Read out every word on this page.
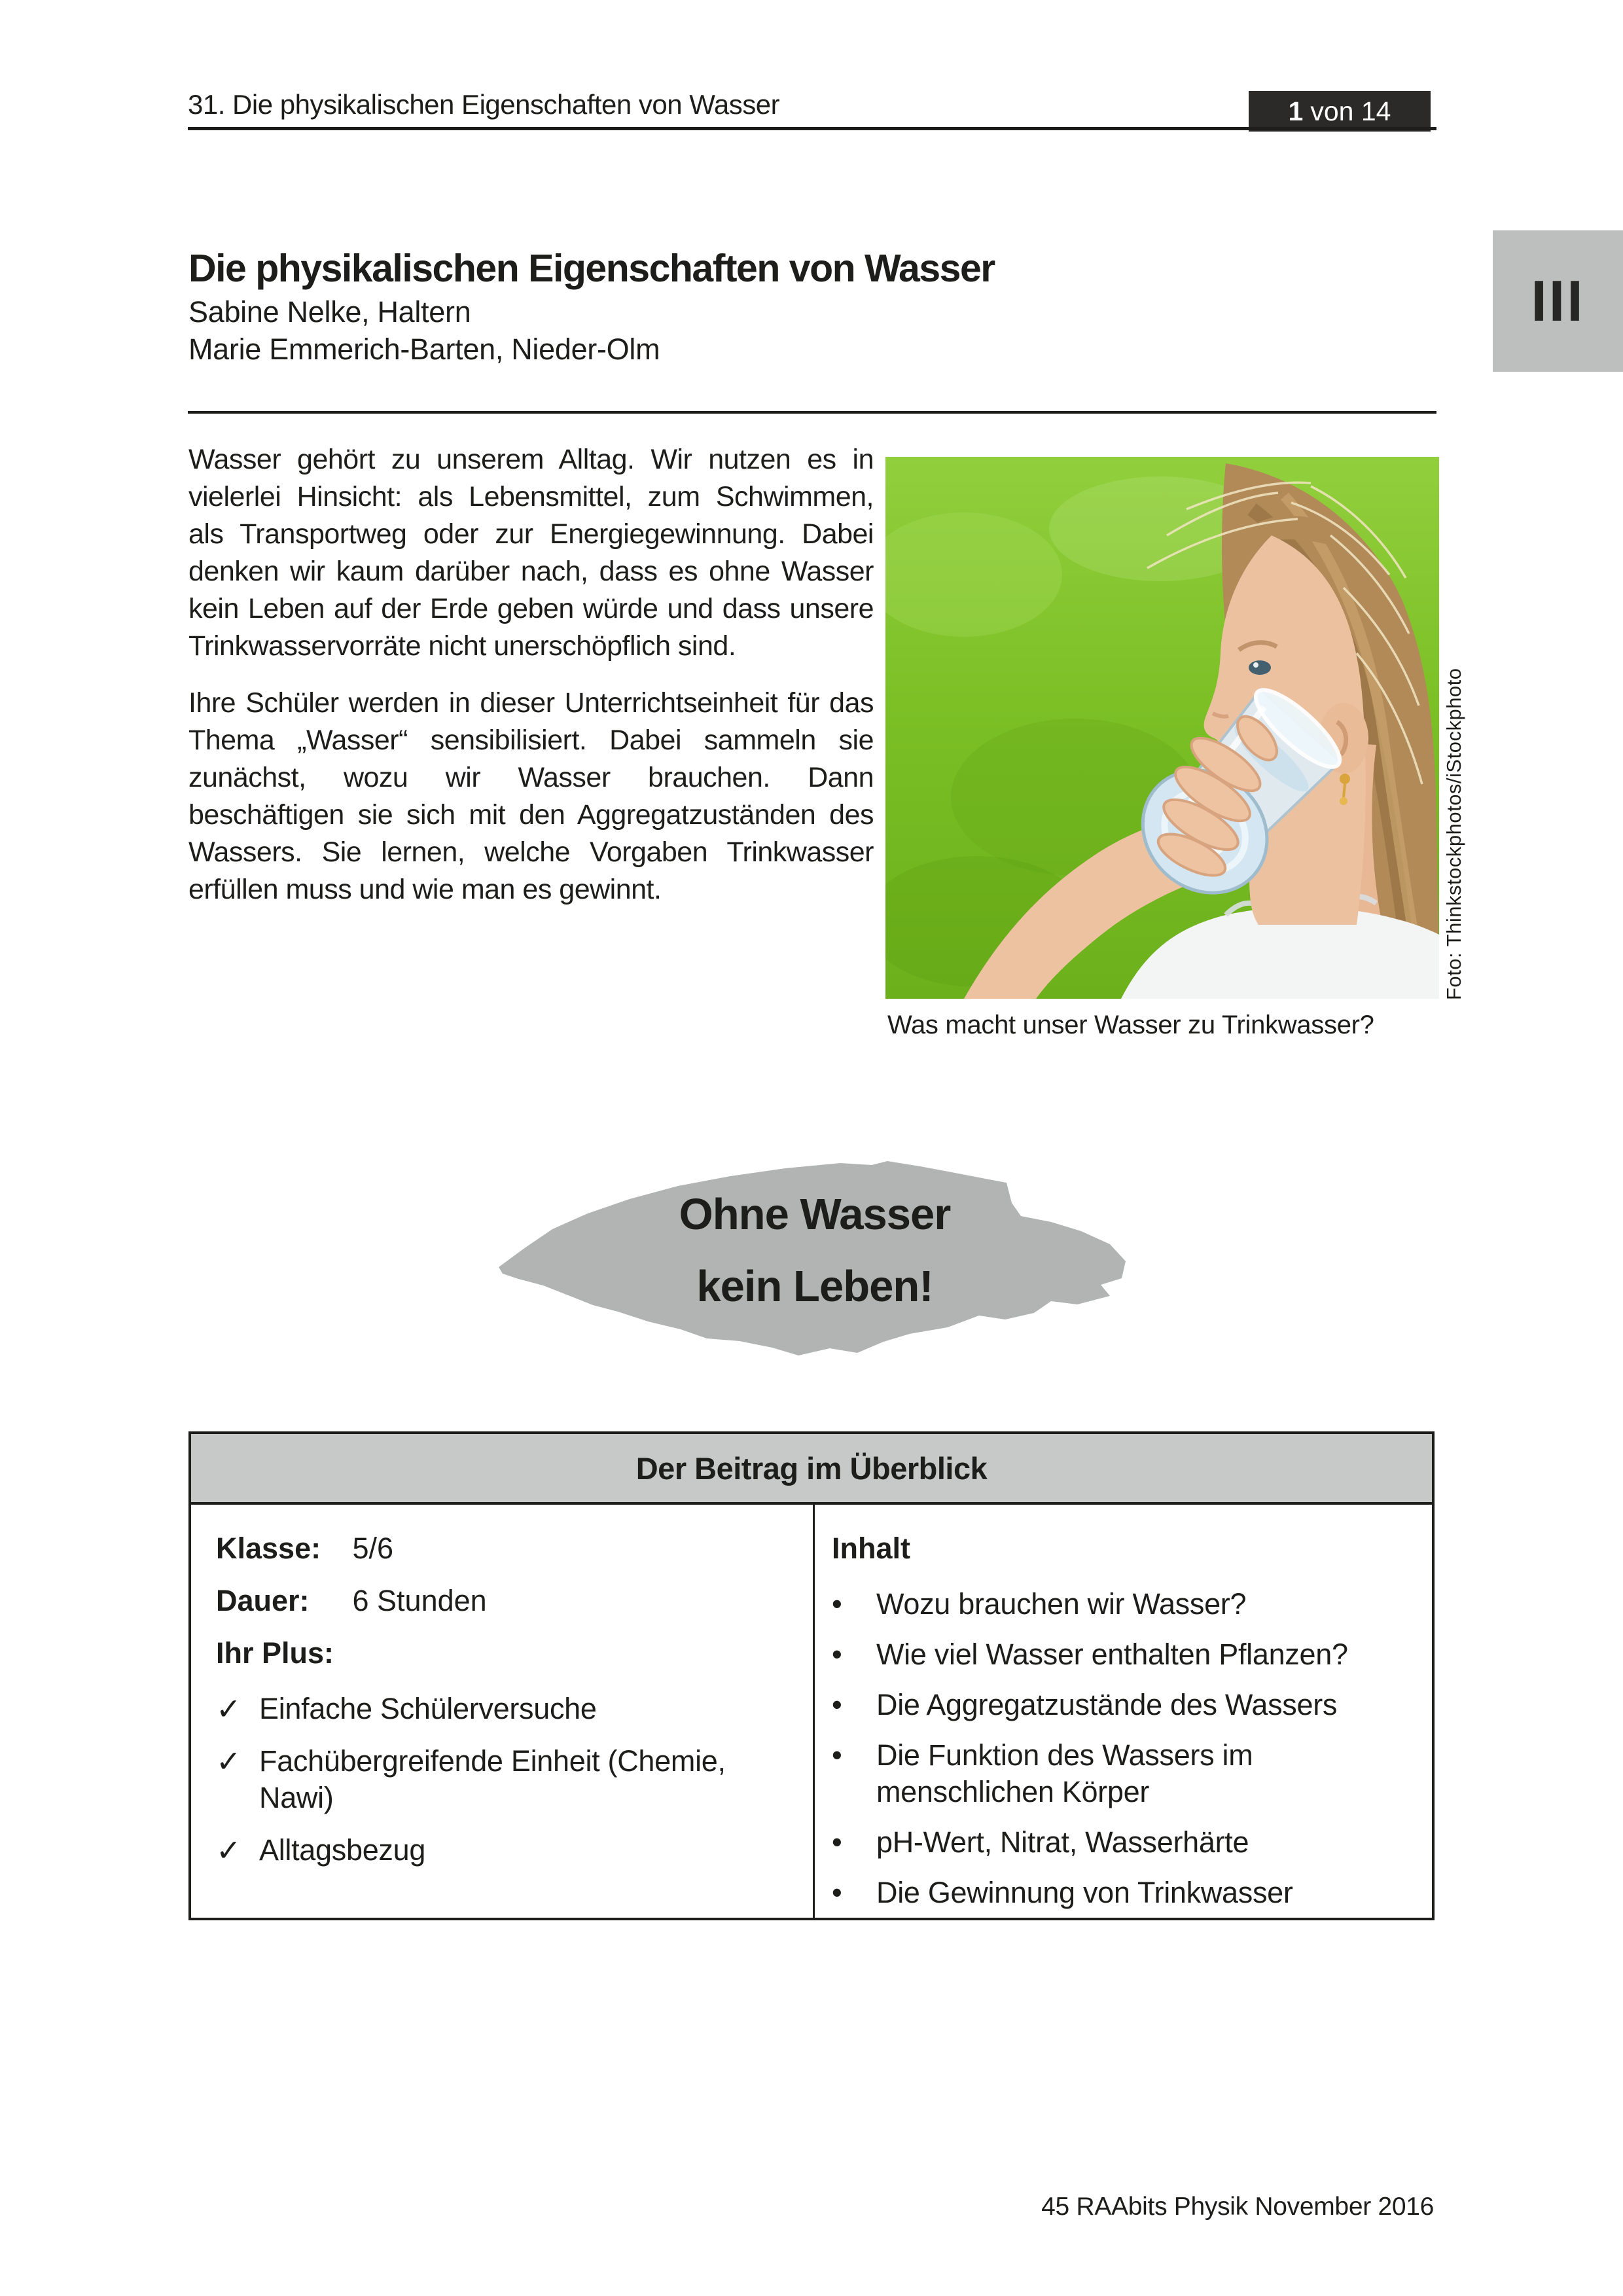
31. Die physikalischen Eigenschaften von Wasser	1 von 14
III
Die physikalischen Eigenschaften von Wasser
Sabine Nelke, Haltern
Marie Emmerich-Barten, Nieder-Olm

Wasser gehört zu unserem Alltag. Wir nutzen es in vielerlei Hinsicht: als Lebensmittel, zum Schwimmen, als Transportweg oder zur Energiegewinnung. Dabei denken wir kaum darüber nach, dass es ohne Wasser kein Leben auf der Erde geben würde und dass unsere Trinkwasservorräte nicht unerschöpflich sind.

Ihre Schüler werden in dieser Unterrichtseinheit für das Thema „Wasser“ sensibilisiert. Dabei sammeln sie zunächst, wozu wir Wasser brauchen. Dann beschäftigen sie sich mit den Aggregatzuständen des Wassers. Sie lernen, welche Vorgaben Trinkwasser erfüllen muss und wie man es gewinnt.	Foto: Thinkstockphotos/iStockphoto
Was macht unser Wasser zu Trinkwasser?
Ohne Wasser
kein Leben!
Der Beitrag im Überblick
Klasse: 5/6
Dauer: 6 Stunden
Ihr Plus:
✓ Einfache Schülerversuche
✓ Fachübergreifende Einheit (Chemie, Nawi)
✓ Alltagsbezug
Inhalt
•	Wozu brauchen wir Wasser?
•	Wie viel Wasser enthalten Pflanzen?
•	Die Aggregatzustände des Wassers
•	Die Funktion des Wassers im menschlichen Körper
•	pH-Wert, Nitrat, Wasserhärte
•	Die Gewinnung von Trinkwasser
45 RAAbits Physik November 2016
